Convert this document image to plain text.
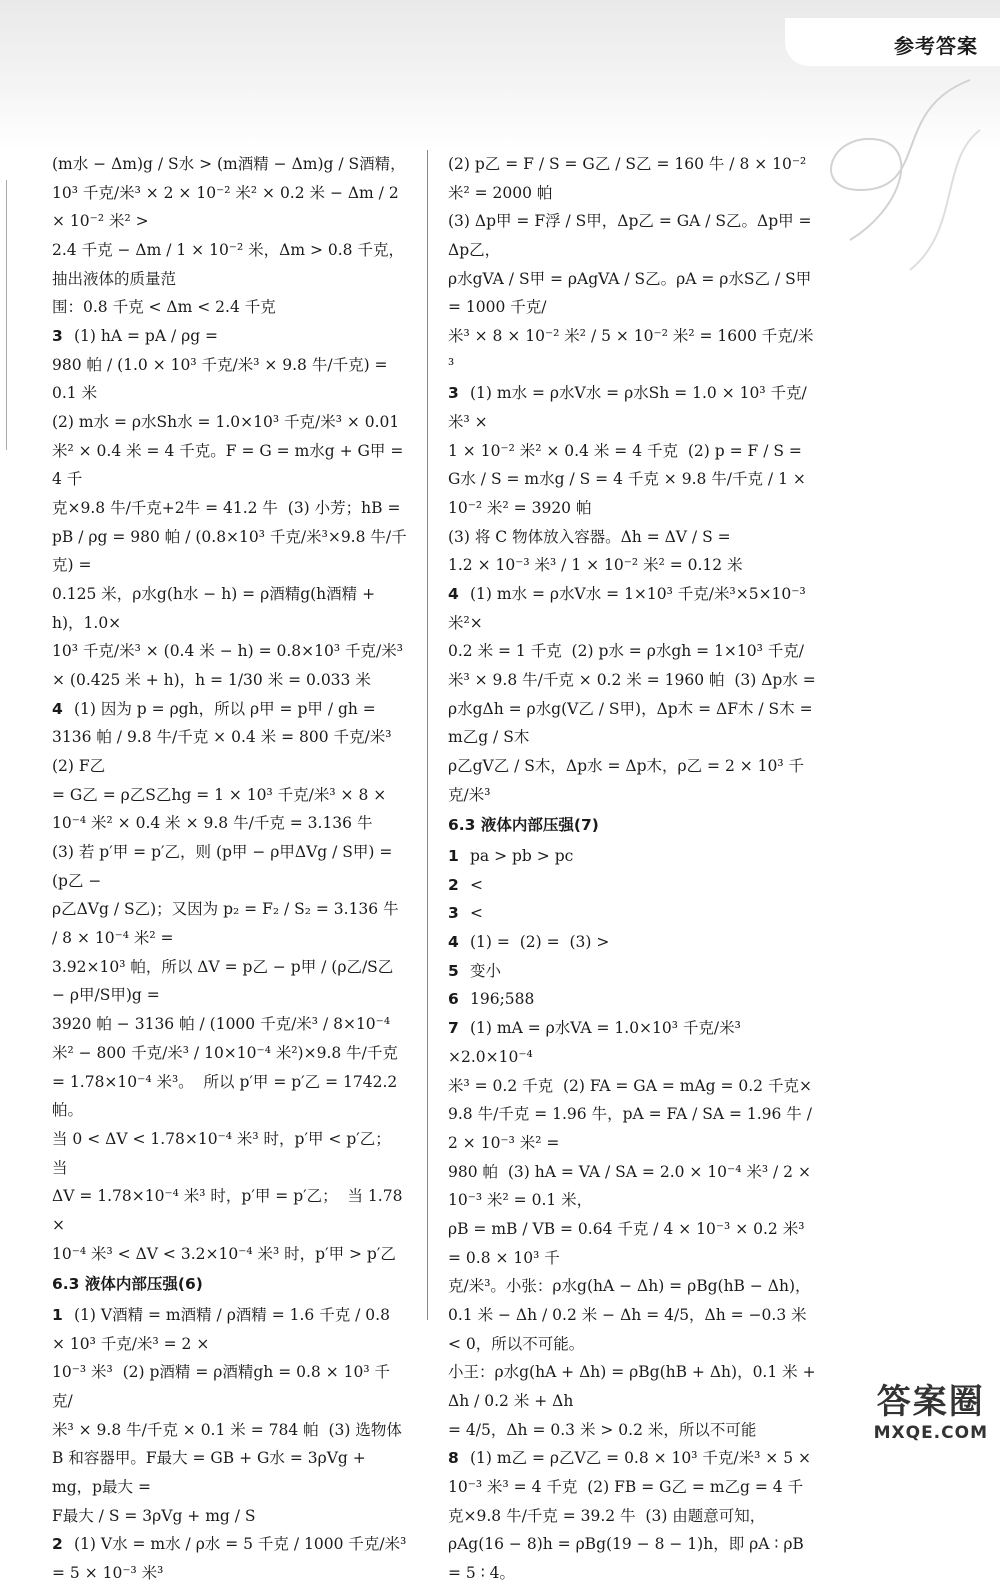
参考答案

(m水 − Δm)g / S水 > (m酒精 − Δm)g / S酒精，

10³ 千克/米³ × 2 × 10⁻² 米² × 0.2 米 − Δm / 2 × 10⁻² 米² >

2.4 千克 − Δm / 1 × 10⁻² 米，Δm > 0.8 千克，抽出液体的质量范

围：0.8 千克 < Δm < 2.4 千克

3 (1) hA = pA / ρg =

980 帕 / (1.0 × 10³ 千克/米³ × 9.8 牛/千克) = 0.1 米

(2) m水 = ρ水Sh水 = 1.0×10³ 千克/米³ × 0.01

米² × 0.4 米 = 4 千克。F = G = m水g + G甲 = 4 千

克×9.8 牛/千克+2牛 = 41.2 牛  (3) 小芳；hB =

pB / ρg = 980 帕 / (0.8×10³ 千克/米³×9.8 牛/千克) =

0.125 米，ρ水g(h水 − h) = ρ酒精g(h酒精 + h)，1.0×

10³ 千克/米³ × (0.4 米 − h) = 0.8×10³ 千克/米³

× (0.425 米 + h)，h = 1/30 米 = 0.033 米

4 (1) 因为 p = ρgh，所以 ρ甲 = p甲 / gh =

3136 帕 / 9.8 牛/千克 × 0.4 米 = 800 千克/米³  (2) F乙

= G乙 = ρ乙S乙hg = 1 × 10³ 千克/米³ × 8 ×

10⁻⁴ 米² × 0.4 米 × 9.8 牛/千克 = 3.136 牛

(3) 若 p′甲 = p′乙，则 (p甲 − ρ甲ΔVg / S甲) = (p乙 −

ρ乙ΔVg / S乙)；又因为 p₂ = F₂ / S₂ = 3.136 牛 / 8 × 10⁻⁴ 米² =

3.92×10³ 帕，所以 ΔV = p乙 − p甲 / (ρ乙/S乙 − ρ甲/S甲)g =

3920 帕 − 3136 帕 / (1000 千克/米³ / 8×10⁻⁴ 米² − 800 千克/米³ / 10×10⁻⁴ 米²)×9.8 牛/千克

= 1.78×10⁻⁴ 米³。  所以 p′甲 = p′乙 = 1742.2 帕。

当 0 < ΔV < 1.78×10⁻⁴ 米³ 时，p′甲 < p′乙；  当

ΔV = 1.78×10⁻⁴ 米³ 时，p′甲 = p′乙；  当 1.78 ×

10⁻⁴ 米³ < ΔV < 3.2×10⁻⁴ 米³ 时，p′甲 > p′乙

6.3 液体内部压强(6)

1 (1) V酒精 = m酒精 / ρ酒精 = 1.6 千克 / 0.8 × 10³ 千克/米³ = 2 ×

10⁻³ 米³  (2) p酒精 = ρ酒精gh = 0.8 × 10³ 千克/

米³ × 9.8 牛/千克 × 0.1 米 = 784 帕  (3) 选物体

B 和容器甲。F最大 = GB + G水 = 3ρVg + mg，p最大 =

F最大 / S = 3ρVg + mg / S

2 (1) V水 = m水 / ρ水 = 5 千克 / 1000 千克/米³ = 5 × 10⁻³ 米³

(2) p乙 = F / S = G乙 / S乙 = 160 牛 / 8 × 10⁻² 米² = 2000 帕

(3) Δp甲 = F浮 / S甲，Δp乙 = GA / S乙。Δp甲 = Δp乙，

ρ水gVA / S甲 = ρAgVA / S乙。ρA = ρ水S乙 / S甲 = 1000 千克/

米³ × 8 × 10⁻² 米² / 5 × 10⁻² 米² = 1600 千克/米³

3 (1) m水 = ρ水V水 = ρ水Sh = 1.0 × 10³ 千克/米³ ×

1 × 10⁻² 米² × 0.4 米 = 4 千克  (2) p = F / S =

G水 / S = m水g / S = 4 千克 × 9.8 牛/千克 / 1 × 10⁻² 米² = 3920 帕

(3) 将 C 物体放入容器。Δh = ΔV / S =

1.2 × 10⁻³ 米³ / 1 × 10⁻² 米² = 0.12 米

4 (1) m水 = ρ水V水 = 1×10³ 千克/米³×5×10⁻³ 米²×

0.2 米 = 1 千克  (2) p水 = ρ水gh = 1×10³ 千克/

米³ × 9.8 牛/千克 × 0.2 米 = 1960 帕  (3) Δp水 =

ρ水gΔh = ρ水g(V乙 / S甲)，Δp木 = ΔF木 / S木 = m乙g / S木

ρ乙gV乙 / S木，Δp水 = Δp木，ρ乙 = 2 × 10³ 千克/米³

6.3 液体内部压强(7)

1 pa > pb > pc

2 <

3 <

4 (1) =  (2) =  (3) >

5 变小

6 196;588

7 (1) mA = ρ水VA = 1.0×10³ 千克/米³ ×2.0×10⁻⁴

米³ = 0.2 千克  (2) FA = GA = mAg = 0.2 千克×

9.8 牛/千克 = 1.96 牛，pA = FA / SA = 1.96 牛 / 2 × 10⁻³ 米² =

980 帕  (3) hA = VA / SA = 2.0 × 10⁻⁴ 米³ / 2 × 10⁻³ 米² = 0.1 米，

ρB = mB / VB = 0.64 千克 / 4 × 10⁻³ × 0.2 米³ = 0.8 × 10³ 千

克/米³。小张：ρ水g(hA − Δh) = ρBg(hB − Δh)，

0.1 米 − Δh / 0.2 米 − Δh = 4/5，Δh = −0.3 米 < 0，所以不可能。

小王：ρ水g(hA + Δh) = ρBg(hB + Δh)，0.1 米 + Δh / 0.2 米 + Δh

= 4/5，Δh = 0.3 米 > 0.2 米，所以不可能

8 (1) m乙 = ρ乙V乙 = 0.8 × 10³ 千克/米³ × 5 ×

10⁻³ 米³ = 4 千克  (2) FB = G乙 = m乙g = 4 千

克×9.8 牛/千克 = 39.2 牛  (3) 由题意可知，

ρAg(16 − 8)h = ρBg(19 − 8 − 1)h，即 ρA ∶ ρB = 5 ∶ 4。

答案圈
MXQE.COM
